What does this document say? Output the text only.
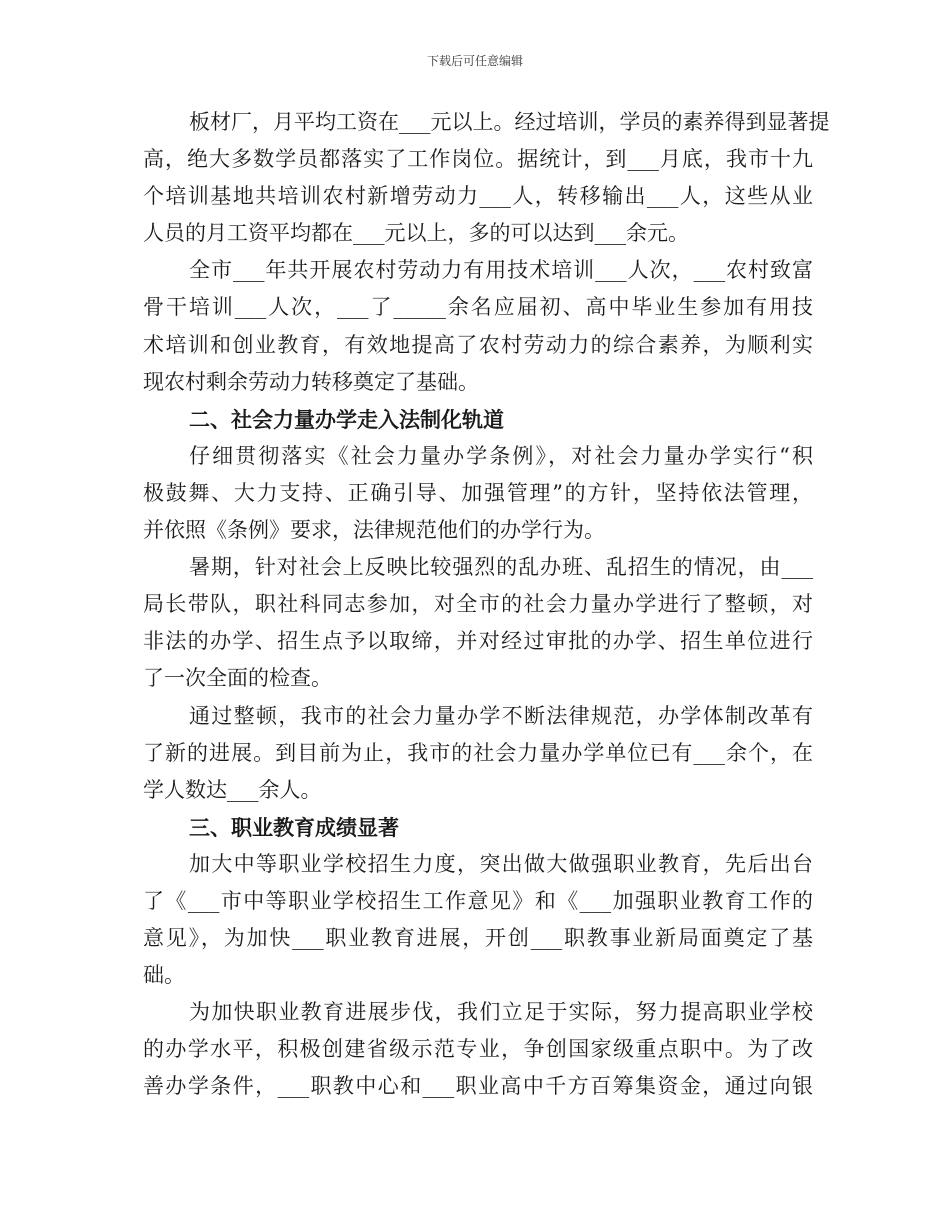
下载后可任意编辑
板材厂，月平均工资在___元以上。经过培训，学员的素养得到显著提
高，绝大多数学员都落实了工作岗位。据统计，到___月底，我市十九
个培训基地共培训农村新增劳动力___人，转移输出___人，这些从业
人员的月工资平均都在___元以上，多的可以达到___余元。
全市___年共开展农村劳动力有用技术培训___人次，___农村致富
骨干培训___人次，___了_____余名应届初、高中毕业生参加有用技
术培训和创业教育，有效地提高了农村劳动力的综合素养，为顺利实
现农村剩余劳动力转移奠定了基础。
二、社会力量办学走入法制化轨道
仔细贯彻落实《社会力量办学条例》，对社会力量办学实行“积
极鼓舞、大力支持、正确引导、加强管理”的方针，坚持依法管理，
并依照《条例》要求，法律规范他们的办学行为。
暑期，针对社会上反映比较强烈的乱办班、乱招生的情况，由___
局长带队，职社科同志参加，对全市的社会力量办学进行了整顿，对
非法的办学、招生点予以取缔，并对经过审批的办学、招生单位进行
了一次全面的检查。
通过整顿，我市的社会力量办学不断法律规范，办学体制改革有
了新的进展。到目前为止，我市的社会力量办学单位已有___余个，在
学人数达___余人。
三、职业教育成绩显著
加大中等职业学校招生力度，突出做大做强职业教育，先后出台
了《___市中等职业学校招生工作意见》和《___加强职业教育工作的
意见》，为加快___职业教育进展，开创___职教事业新局面奠定了基
础。
为加快职业教育进展步伐，我们立足于实际，努力提高职业学校
的办学水平，积极创建省级示范专业，争创国家级重点职中。为了改
善办学条件，___职教中心和___职业高中千方百筹集资金，通过向银
